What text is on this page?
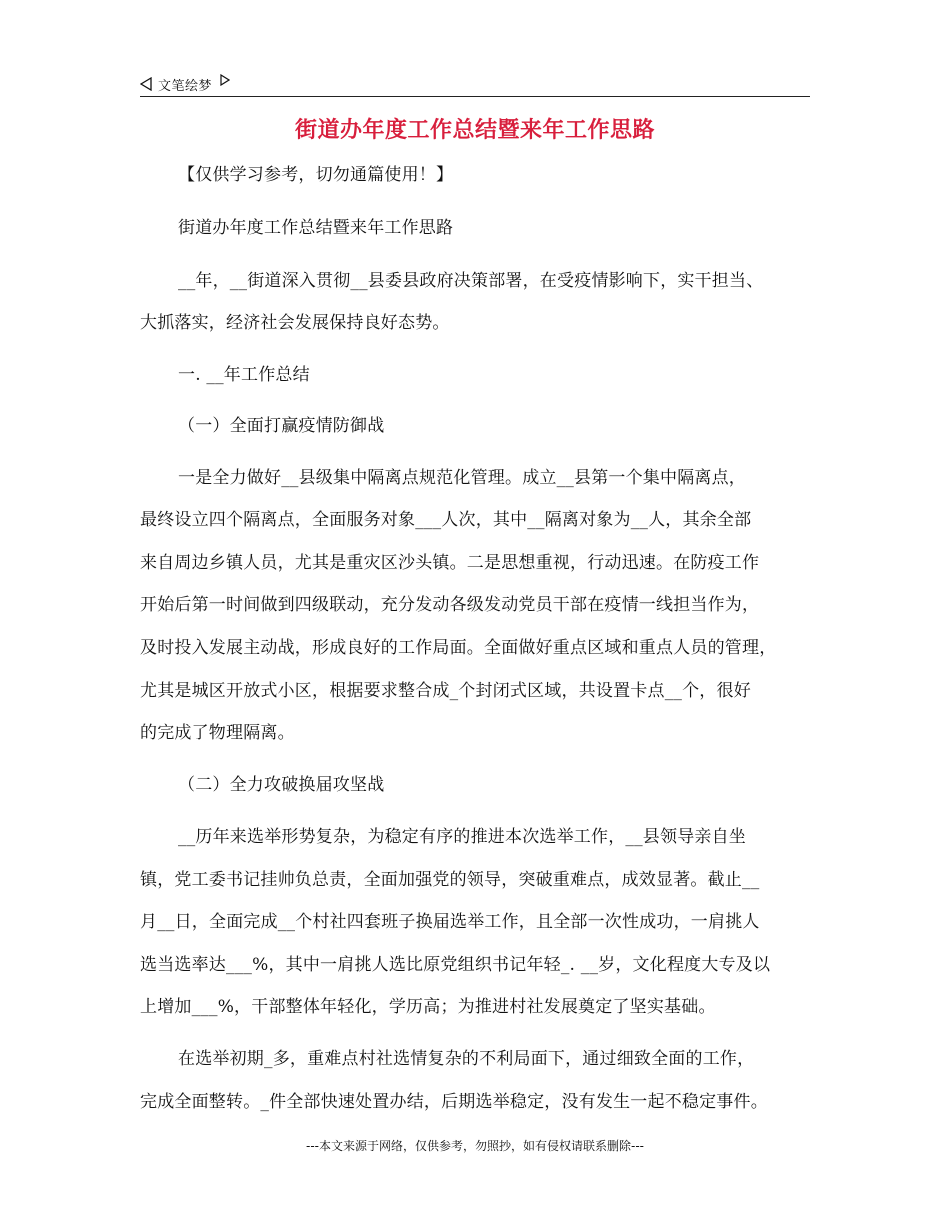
文笔绘梦
街道办年度工作总结暨来年工作思路
【仅供学习参考，切勿通篇使用！】
街道办年度工作总结暨来年工作思路
__年，__街道深入贯彻__县委县政府决策部署，在受疫情影响下，实干担当、
大抓落实，经济社会发展保持良好态势。
一. __年工作总结
（一）全面打赢疫情防御战
一是全力做好__县级集中隔离点规范化管理。成立__县第一个集中隔离点，
最终设立四个隔离点，全面服务对象___人次，其中__隔离对象为__人，其余全部
来自周边乡镇人员，尤其是重灾区沙头镇。二是思想重视，行动迅速。在防疫工作
开始后第一时间做到四级联动，充分发动各级发动党员干部在疫情一线担当作为，
及时投入发展主动战，形成良好的工作局面。全面做好重点区域和重点人员的管理，
尤其是城区开放式小区，根据要求整合成_个封闭式区域，共设置卡点__个，很好
的完成了物理隔离。
（二）全力攻破换届攻坚战
__历年来选举形势复杂，为稳定有序的推进本次选举工作，__县领导亲自坐
镇，党工委书记挂帅负总责，全面加强党的领导，突破重难点，成效显著。截止__
月__日，全面完成__个村社四套班子换届选举工作，且全部一次性成功，一肩挑人
选当选率达___%，其中一肩挑人选比原党组织书记年轻_. __岁，文化程度大专及以
上增加___%，干部整体年轻化，学历高；为推进村社发展奠定了坚实基础。
在选举初期_多，重难点村社选情复杂的不利局面下，通过细致全面的工作，
完成全面整转。_件全部快速处置办结，后期选举稳定，没有发生一起不稳定事件。
---本文来源于网络，仅供参考，勿照抄，如有侵权请联系删除---
